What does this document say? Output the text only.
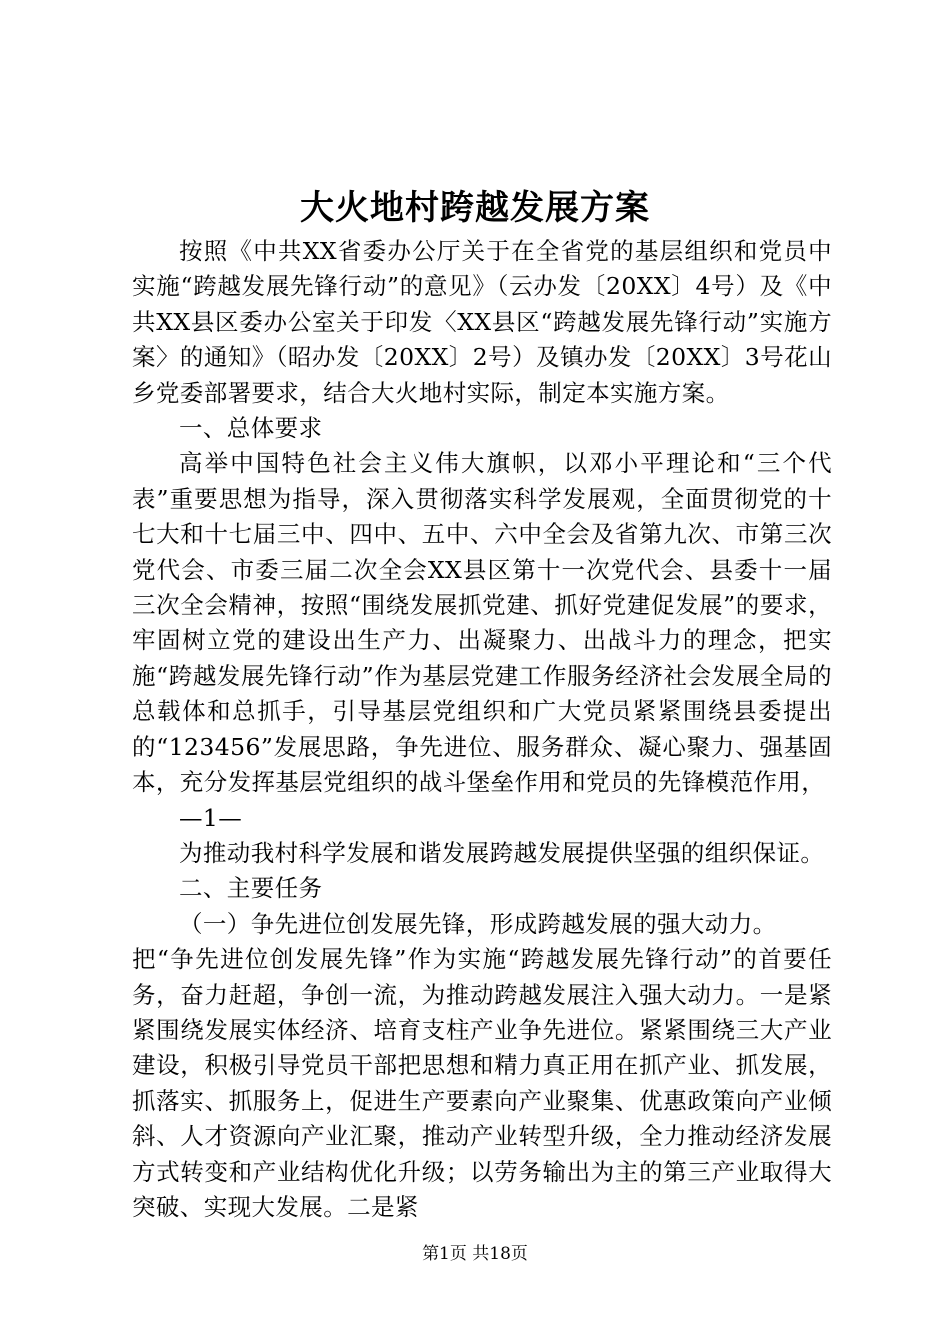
大火地村跨越发展方案

按照《中共XX省委办公厅关于在全省党的基层组织和党员中实施“跨越发展先锋行动”的意见》（云办发〔20XX〕4号）及《中共XX县区委办公室关于印发〈XX县区“跨越发展先锋行动”实施方案〉的通知》（昭办发〔20XX〕2号）及镇办发〔20XX〕3号花山乡党委部署要求，结合大火地村实际，制定本实施方案。

一、总体要求

高举中国特色社会主义伟大旗帜，以邓小平理论和“三个代表”重要思想为指导，深入贯彻落实科学发展观，全面贯彻党的十七大和十七届三中、四中、五中、六中全会及省第九次、市第三次党代会、市委三届二次全会XX县区第十一次党代会、县委十一届三次全会精神，按照“围绕发展抓党建、抓好党建促发展”的要求，牢固树立党的建设出生产力、出凝聚力、出战斗力的理念，把实施“跨越发展先锋行动”作为基层党建工作服务经济社会发展全局的总载体和总抓手，引导基层党组织和广大党员紧紧围绕县委提出的“123456”发展思路，争先进位、服务群众、凝心聚力、强基固本，充分发挥基层党组织的战斗堡垒作用和党员的先锋模范作用，

—1—

为推动我村科学发展和谐发展跨越发展提供坚强的组织保证。

二、主要任务

（一）争先进位创发展先锋，形成跨越发展的强大动力。

把“争先进位创发展先锋”作为实施“跨越发展先锋行动”的首要任务，奋力赶超，争创一流，为推动跨越发展注入强大动力。一是紧紧围绕发展实体经济、培育支柱产业争先进位。紧紧围绕三大产业建设，积极引导党员干部把思想和精力真正用在抓产业、抓发展，抓落实、抓服务上，促进生产要素向产业聚集、优惠政策向产业倾斜、人才资源向产业汇聚，推动产业转型升级，全力推动经济发展方式转变和产业结构优化升级；以劳务输出为主的第三产业取得大突破、实现大发展。二是紧

第1页 共18页
